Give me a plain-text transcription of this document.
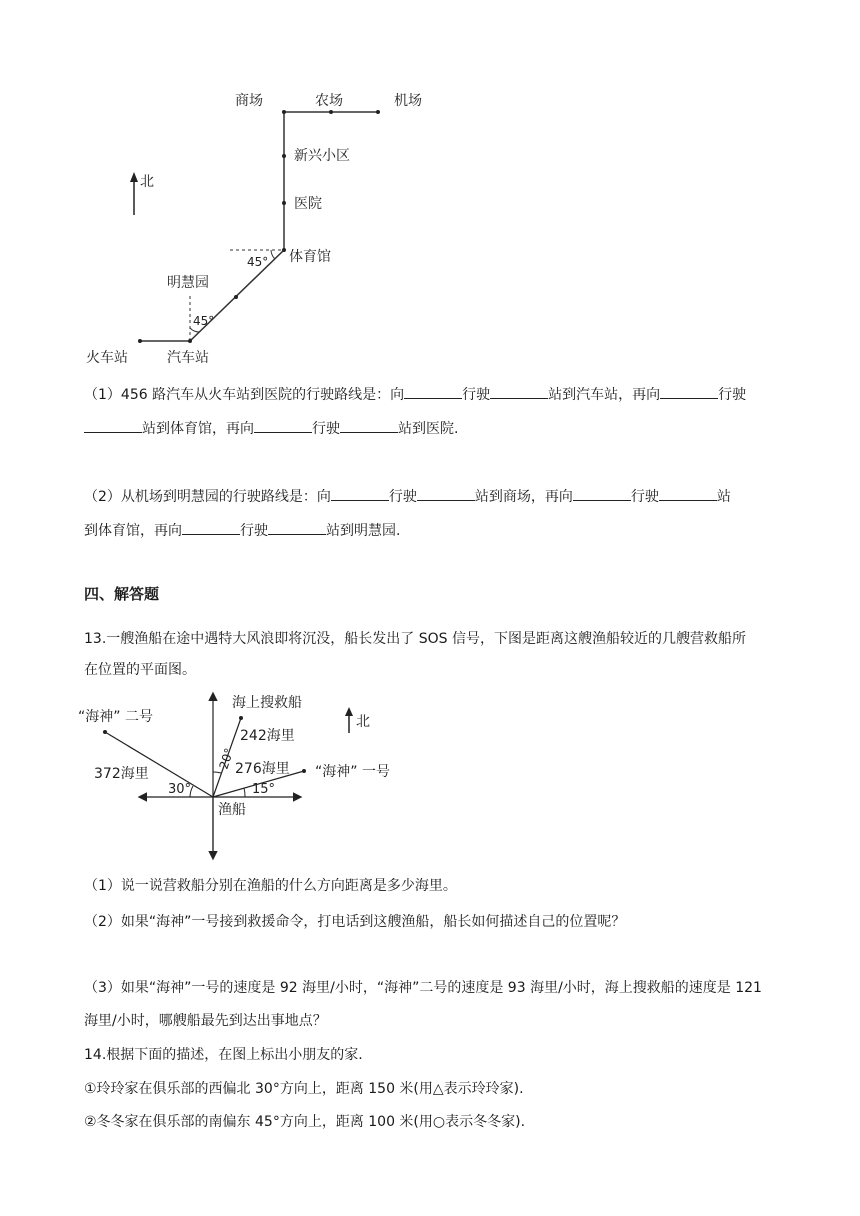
北
商场	农场	机场
新兴小区
医院
体育馆
45°
明慧园
45°
火车站	汽车站
（1）456 路汽车从火车站到医院的行驶路线是：向	行驶	站到汽车站，再向	行驶
站到体育馆，再向	行驶	站到医院.
（2）从机场到明慧园的行驶路线是：向	行驶	站到商场，再向	行驶	站
到体育馆，再向	行驶	站到明慧园.
四、解答题
13.一艘渔船在途中遇特大风浪即将沉没，船长发出了 SOS 信号，下图是距离这艘渔船较近的几艘营救船所
在位置的平面图。
海上搜救船
“海神” 二号	北
242海里
20°
276海里 “海神” 一号
372海里
30°	15°
渔船
（1）说一说营救船分别在渔船的什么方向距离是多少海里。
（2）如果“海神”一号接到救援命令，打电话到这艘渔船，船长如何描述自己的位置呢？
（3）如果“海神”一号的速度是 92 海里/小时，“海神”二号的速度是 93 海里/小时，海上搜救船的速度是 121
海里/小时，哪艘船最先到达出事地点？
14.根据下面的描述，在图上标出小朋友的家.
①玲玲家在俱乐部的西偏北 30°方向上，距离 150 米(用△表示玲玲家).
②冬冬家在俱乐部的南偏东 45°方向上，距离 100 米(用○表示冬冬家).
